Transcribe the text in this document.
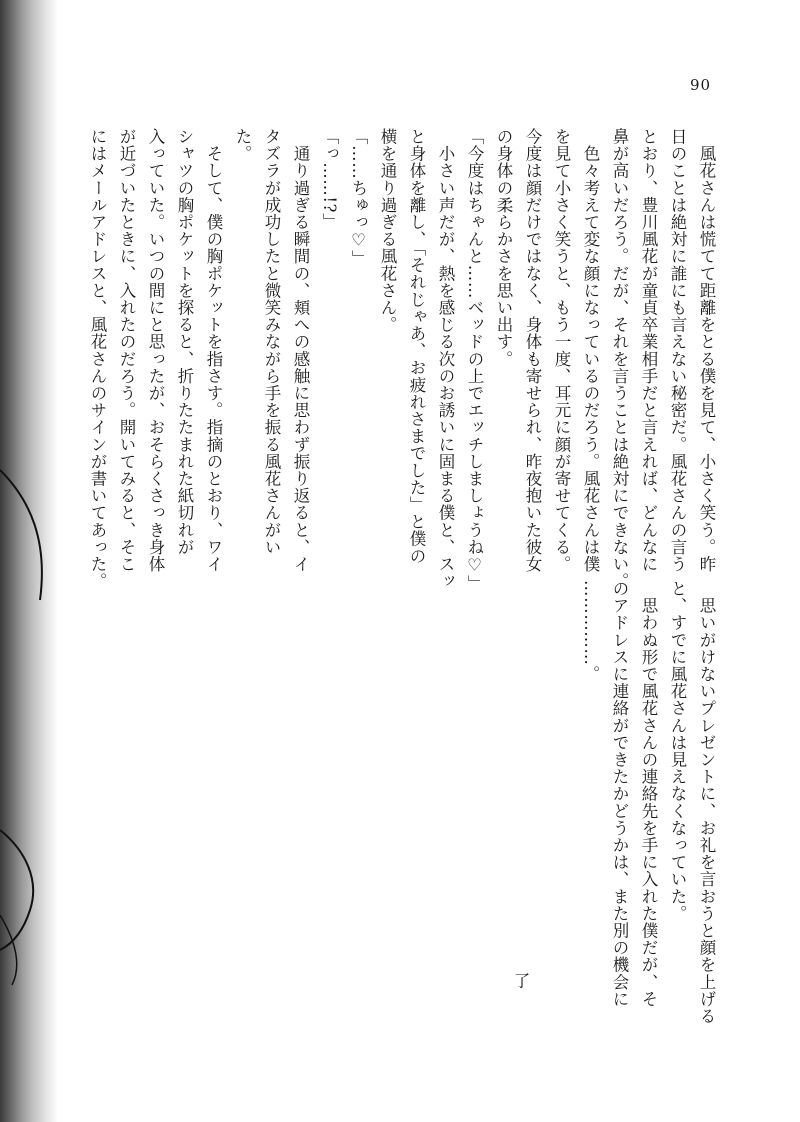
90
　風花さんは慌てて距離をとる僕を見て、小さく笑う。昨
日のことは絶対に誰にも言えない秘密だ。風花さんの言う
とおり、豊川風花が童貞卒業相手だと言えれば、どんなに
鼻が高いだろう。だが、それを言うことは絶対にできない。
　色々考えて変な顔になっているのだろう。風花さんは僕
を見て小さく笑うと、もう一度、耳元に顔が寄せてくる。
今度は顔だけではなく、身体も寄せられ、昨夜抱いた彼女
の身体の柔らかさを思い出す。
「今度はちゃんと……ベッドの上でエッチしましょうね♡」
　小さい声だが、熱を感じる次のお誘いに固まる僕と、スッ
と身体を離し、「それじゃあ、お疲れさまでした」と僕の
横を通り過ぎる風花さん。
「……ちゅっ♡」
「っ……!?」
　通り過ぎる瞬間の、頬への感触に思わず振り返ると、イ
タズラが成功したと微笑みながら手を振る風花さんがい
た。
　そして、僕の胸ポケットを指さす。指摘のとおり、ワイ
シャツの胸ポケットを探ると、折りたたまれた紙切れが
入っていた。いつの間にと思ったが、おそらくさっき身体
が近づいたときに、入れたのだろう。開いてみると、そこ
にはメールアドレスと、風花さんのサインが書いてあった。
　思いがけないプレゼントに、お礼を言おうと顔を上げる
と、すでに風花さんは見えなくなっていた。
　思わぬ形で風花さんの連絡先を手に入れた僕だが、そ
のアドレスに連絡ができたかどうかは、また別の機会に
……………。
了
